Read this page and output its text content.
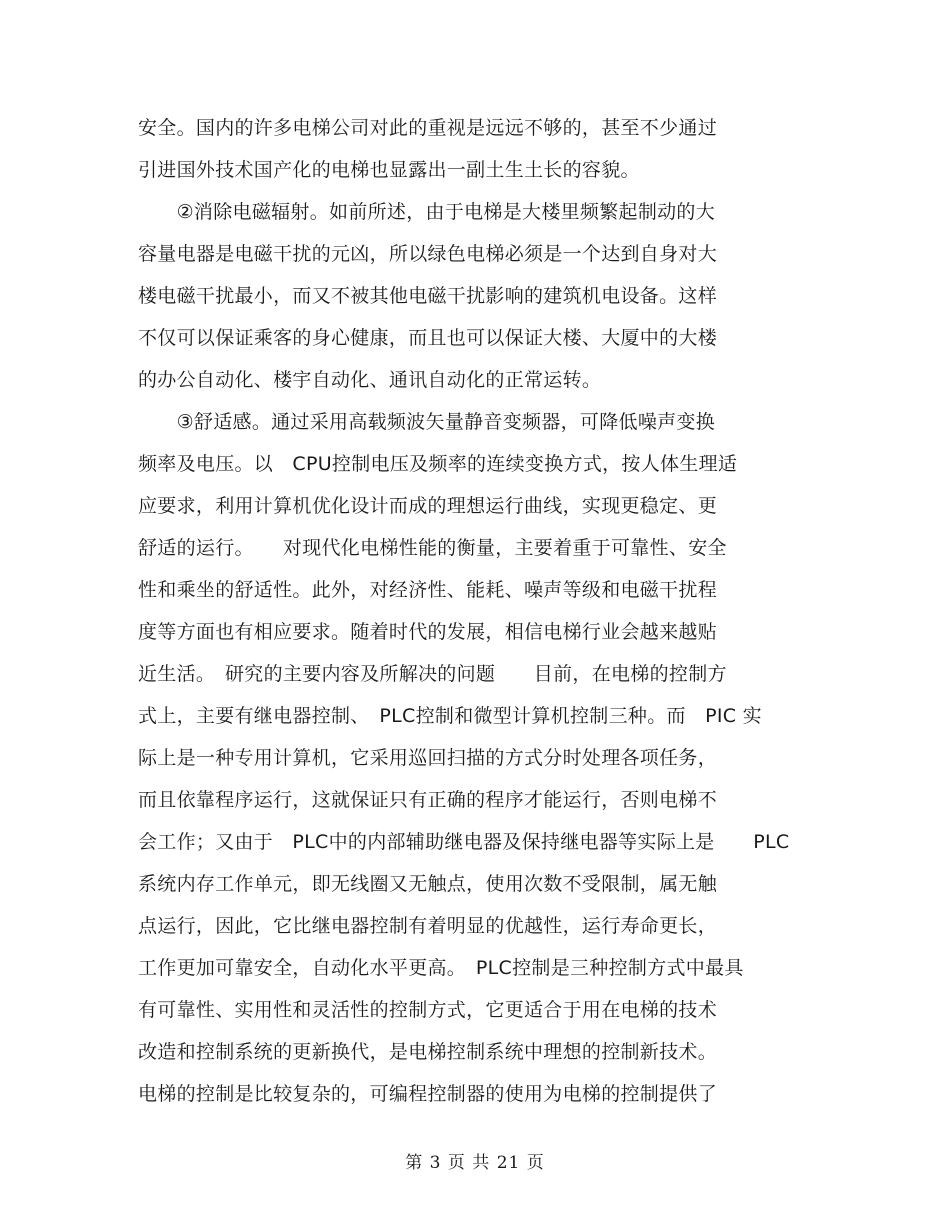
安全。国内的许多电梯公司对此的重视是远远不够的，甚至不少通过
引进国外技术国产化的电梯也显露出一副土生土长的容貌。
　　②消除电磁辐射。如前所述，由于电梯是大楼里频繁起制动的大
容量电器是电磁干扰的元凶，所以绿色电梯必须是一个达到自身对大
楼电磁干扰最小，而又不被其他电磁干扰影响的建筑机电设备。这样
不仅可以保证乘客的身心健康，而且也可以保证大楼、大厦中的大楼
的办公自动化、楼宇自动化、通讯自动化的正常运转。
　　③舒适感。通过采用高载频波矢量静音变频器，可降低噪声变换
频率及电压。以　CPU控制电压及频率的连续变换方式，按人体生理适
应要求，利用计算机优化设计而成的理想运行曲线，实现更稳定、更
舒适的运行。　　对现代化电梯性能的衡量，主要着重于可靠性、安全
性和乘坐的舒适性。此外，对经济性、能耗、噪声等级和电磁干扰程
度等方面也有相应要求。随着时代的发展，相信电梯行业会越来越贴
近生活。　研究的主要内容及所解决的问题　　目前，在电梯的控制方
式上，主要有继电器控制、　PLC控制和微型计算机控制三种。而　PIC 实
际上是一种专用计算机，它采用巡回扫描的方式分时处理各项任务，
而且依靠程序运行，这就保证只有正确的程序才能运行，否则电梯不
会工作；又由于　PLC中的内部辅助继电器及保持继电器等实际上是　　PLC
系统内存工作单元，即无线圈又无触点，使用次数不受限制，属无触
点运行，因此，它比继电器控制有着明显的优越性，运行寿命更长，
工作更加可靠安全，自动化水平更高。　PLC控制是三种控制方式中最具
有可靠性、实用性和灵活性的控制方式，它更适合于用在电梯的技术
改造和控制系统的更新换代，是电梯控制系统中理想的控制新技术。
电梯的控制是比较复杂的，可编程控制器的使用为电梯的控制提供了
第 3 页 共 21 页
